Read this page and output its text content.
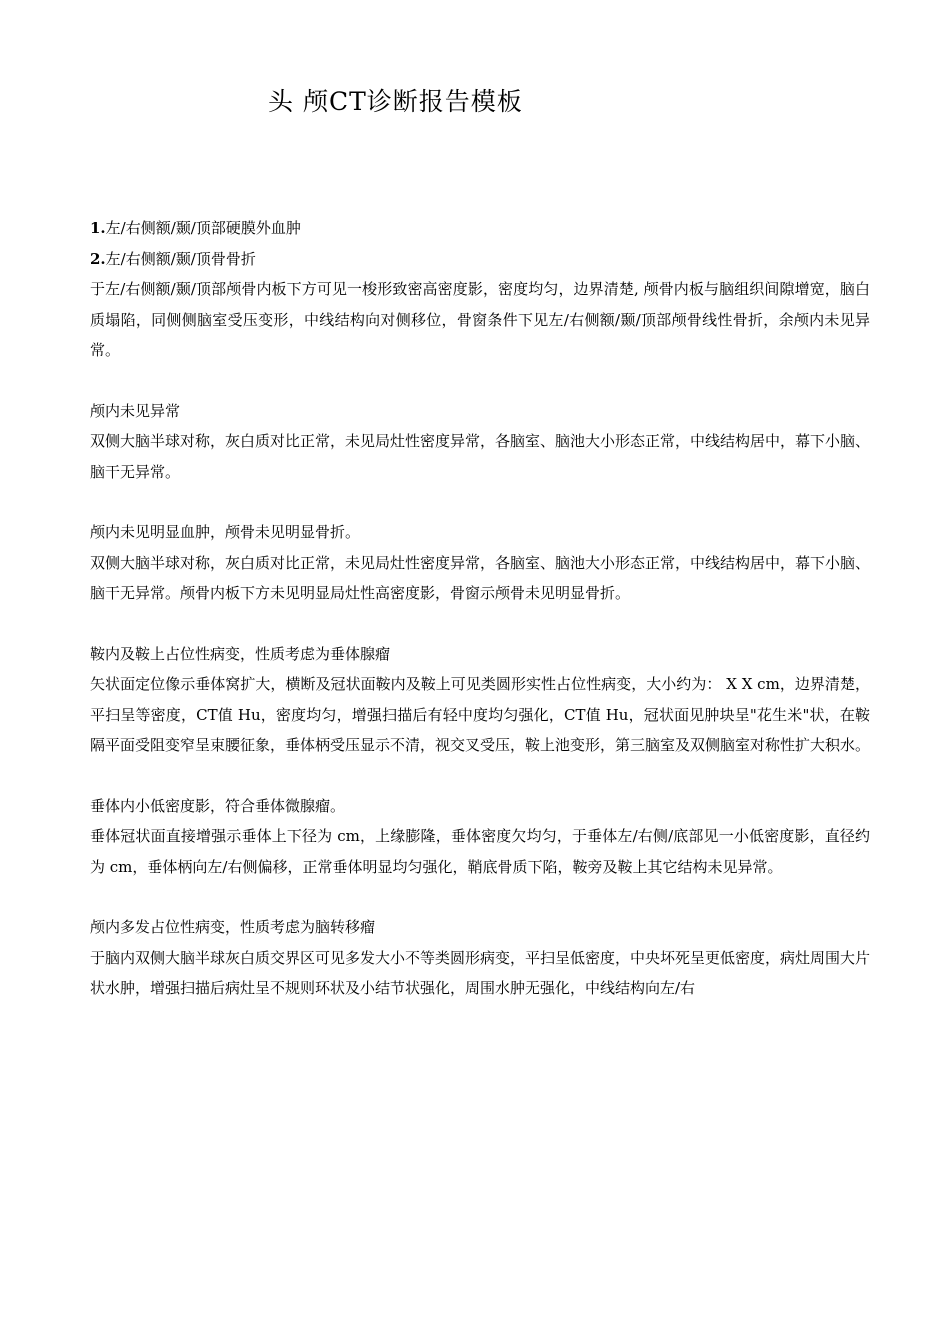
头 颅CT诊断报告模板

1.左/右侧额/颞/顶部硬膜外血肿

2.左/右侧额/颞/顶骨骨折

于左/右侧额/颞/顶部颅骨内板下方可见一梭形致密高密度影，密度均匀，边界清楚, 颅骨内板与脑组织间隙增宽，脑白质塌陷，同侧侧脑室受压变形，中线结构向对侧移位，骨窗条件下见左/右侧额/颞/顶部颅骨线性骨折，余颅内未见异常。

颅内未见异常

双侧大脑半球对称，灰白质对比正常，未见局灶性密度异常，各脑室、脑池大小形态正常，中线结构居中，幕下小脑、脑干无异常。

颅内未见明显血肿，颅骨未见明显骨折。

双侧大脑半球对称，灰白质对比正常，未见局灶性密度异常，各脑室、脑池大小形态正常，中线结构居中，幕下小脑、脑干无异常。颅骨内板下方未见明显局灶性高密度影，骨窗示颅骨未见明显骨折。

鞍内及鞍上占位性病变，性质考虑为垂体腺瘤

矢状面定位像示垂体窝扩大，横断及冠状面鞍内及鞍上可见类圆形实性占位性病变，大小约为： X X cm，边界清楚，平扫呈等密度，CT值 Hu，密度均匀，增强扫描后有轻中度均匀强化，CT值 Hu，冠状面见肿块呈"花生米"状，在鞍隔平面受阻变窄呈束腰征象，垂体柄受压显示不清，视交叉受压，鞍上池变形，第三脑室及双侧脑室对称性扩大积水。

垂体内小低密度影，符合垂体微腺瘤。

垂体冠状面直接增强示垂体上下径为 cm，上缘膨隆，垂体密度欠均匀，于垂体左/右侧/底部见一小低密度影，直径约为 cm，垂体柄向左/右侧偏移，正常垂体明显均匀强化，鞘底骨质下陷，鞍旁及鞍上其它结构未见异常。

颅内多发占位性病变，性质考虑为脑转移瘤

于脑内双侧大脑半球灰白质交界区可见多发大小不等类圆形病变，平扫呈低密度，中央坏死呈更低密度，病灶周围大片状水肿，增强扫描后病灶呈不规则环状及小结节状强化，周围水肿无强化，中线结构向左/右
